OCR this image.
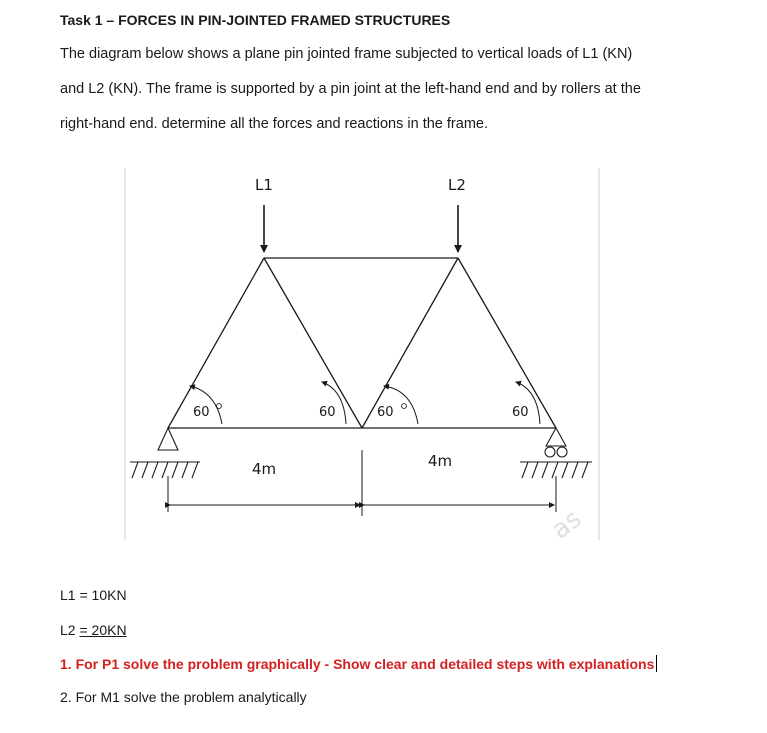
Task 1 – FORCES IN PIN-JOINTED FRAMED STRUCTURES
The diagram below shows a plane pin jointed frame subjected to vertical loads of L1 (KN)
and L2 (KN). The frame is supported by a pin joint at the left-hand end and by rollers at the
right-hand end. determine all the forces and reactions in the frame.
L1	L2
60	60	60	60
4m	4m
as
L1 = 10KN
L2 = 20KN
1. For P1 solve the problem graphically - Show clear and detailed steps with explanations
2. For M1 solve the problem analytically
